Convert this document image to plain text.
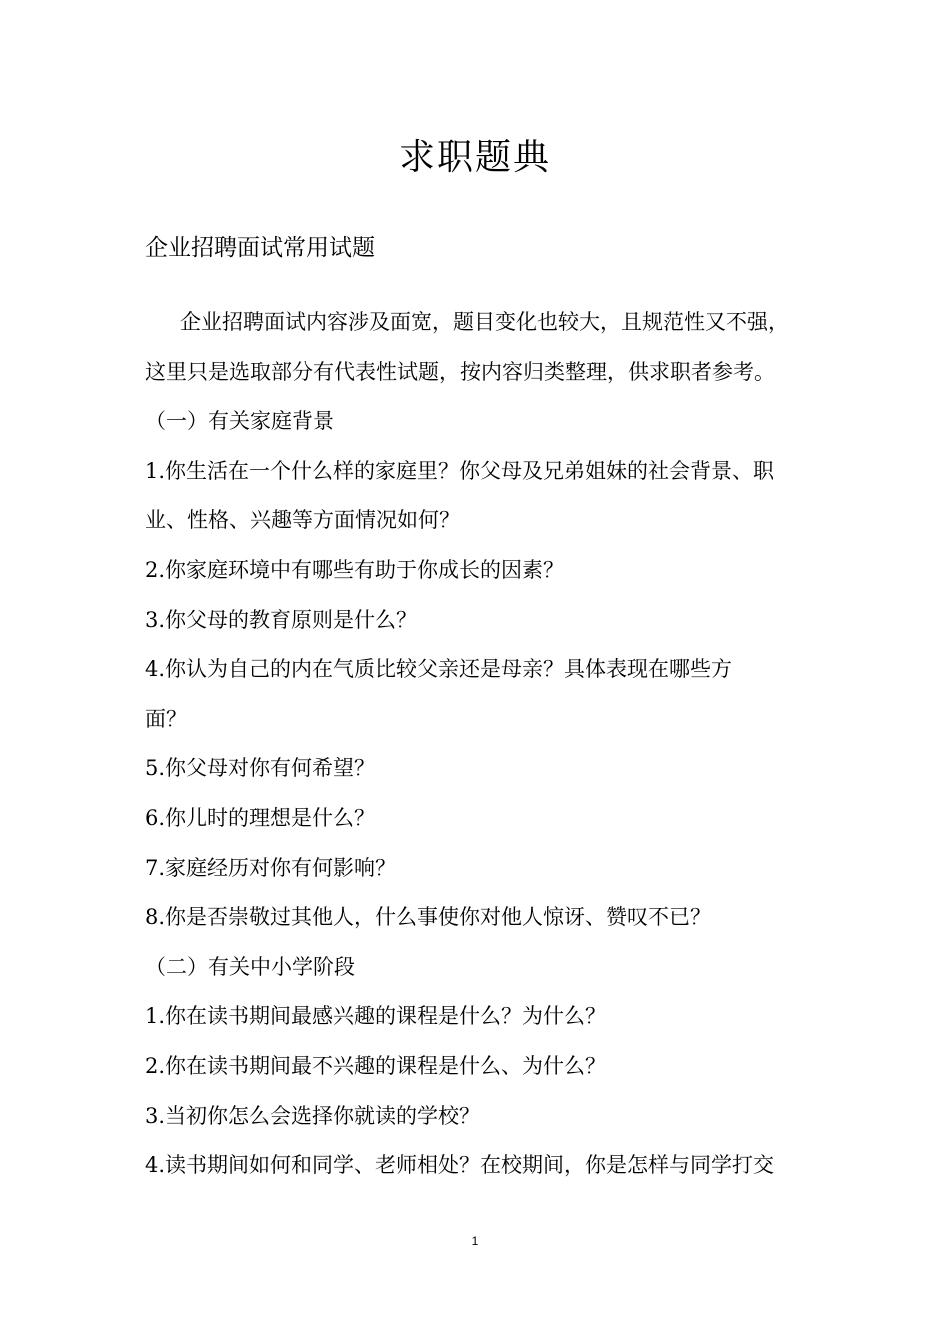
求职题典
企业招聘面试常用试题
企业招聘面试内容涉及面宽，题目变化也较大，且规范性又不强，
这里只是选取部分有代表性试题，按内容归类整理，供求职者参考。
（一）有关家庭背景
1.你生活在一个什么样的家庭里？你父母及兄弟姐妹的社会背景、职
业、性格、兴趣等方面情况如何？
2.你家庭环境中有哪些有助于你成长的因素？
3.你父母的教育原则是什么？
4.你认为自己的内在气质比较父亲还是母亲？具体表现在哪些方
面？
5.你父母对你有何希望？
6.你儿时的理想是什么？
7.家庭经历对你有何影响？
8.你是否崇敬过其他人，什么事使你对他人惊讶、赞叹不已？
（二）有关中小学阶段
1.你在读书期间最感兴趣的课程是什么？为什么？
2.你在读书期间最不兴趣的课程是什么、为什么？
3.当初你怎么会选择你就读的学校？
4.读书期间如何和同学、老师相处？在校期间，你是怎样与同学打交
1
